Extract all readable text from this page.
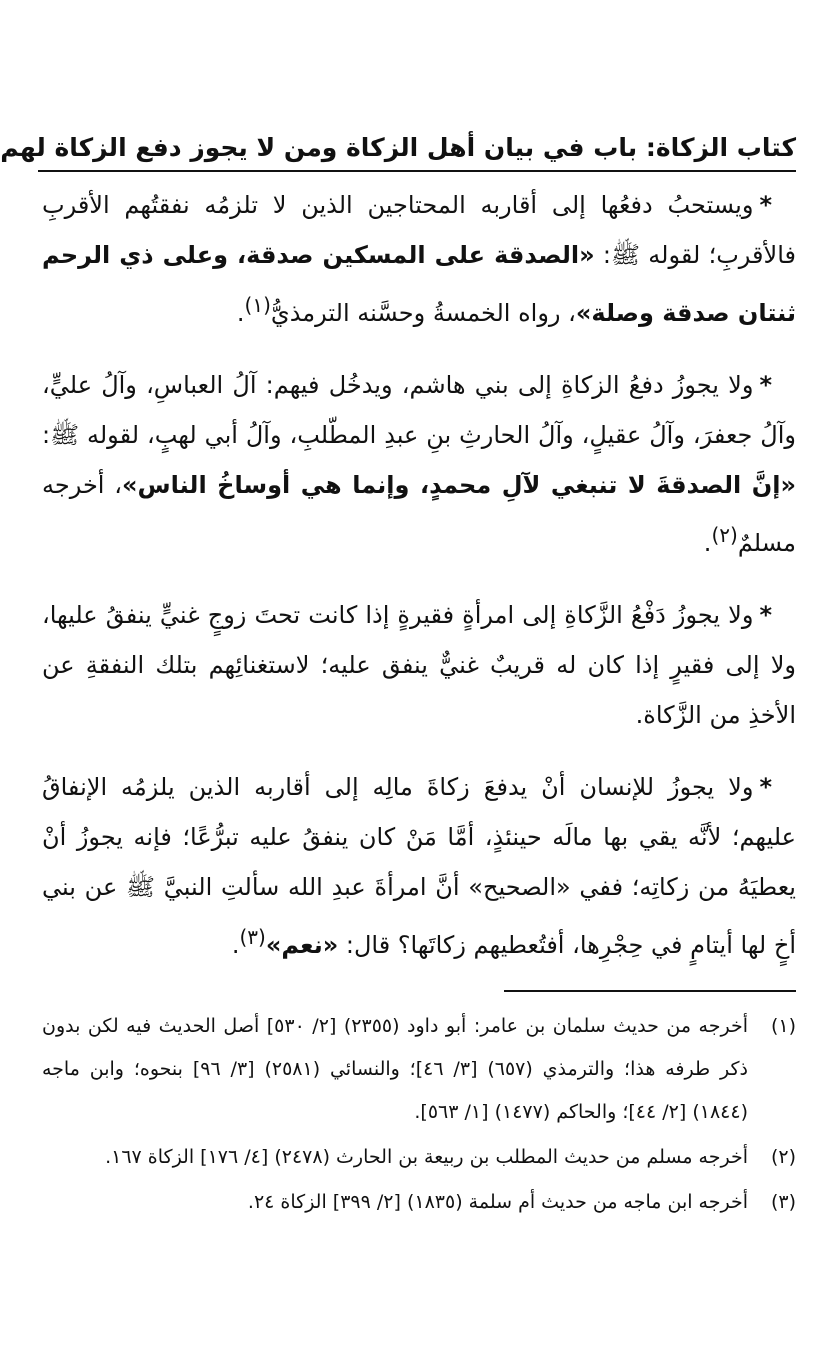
كتاب الزكاة: باب في بيان أهل الزكاة ومن لا يجوز دفع الزكاة لهم

*ويستحبُ دفعُها إلى أقاربه المحتاجين الذين لا تلزمُه نفقتُهم الأقربِ فالأقربِ؛ لقوله ﷺ: «الصدقة على المسكين صدقة، وعلى ذي الرحم ثنتان صدقة وصلة»، رواه الخمسةُ وحسَّنه الترمذيُّ$^{(١)}$.

*ولا يجوزُ دفعُ الزكاةِ إلى بني هاشم، ويدخُل فيهم: آلُ العباسِ، وآلُ عليٍّ، وآلُ جعفرَ، وآلُ عقيلٍ، وآلُ الحارثِ بنِ عبدِ المطّلبِ، وآلُ أبي لهبٍ، لقوله ﷺ: «إنَّ الصدقةَ لا تنبغي لآلِ محمدٍ، وإنما هي أوساخُ الناس»، أخرجه مسلمٌ$^{(٢)}$.

*ولا يجوزُ دَفْعُ الزَّكاةِ إلى امرأةٍ فقيرةٍ إذا كانت تحتَ زوجٍ غنيٍّ ينفقُ عليها، ولا إلى فقيرٍ إذا كان له قريبٌ غنيٌّ ينفق عليه؛ لاستغنائِهم بتلك النفقةِ عن الأخذِ من الزَّكاة.

*ولا يجوزُ للإنسان أنْ يدفعَ زكاةَ مالِه إلى أقاربه الذين يلزمُه الإنفاقُ عليهم؛ لأنَّه يقي بها مالَه حينئذٍ، أمَّا مَنْ كان ينفقُ عليه تبرُّعًا؛ فإنه يجوزُ أنْ يعطيَهُ من زكاتِه؛ ففي «الصحيح» أنَّ امرأةَ عبدِ الله سألتِ النبيَّ ﷺ عن بني أخٍ لها أيتامٍ في حِجْرِها، أفتُعطيهم زكاتَها؟ قال: «نعم»$^{(٣)}$.

(١)
أخرجه من حديث سلمان بن عامر: أبو داود (٢٣٥٥) [٢/ ٥٣٠] أصل الحديث فيه لكن بدون ذكر طرفه هذا؛ والترمذي (٦٥٧) [٣/ ٤٦]؛ والنسائي (٢٥٨١) [٣/ ٩٦] بنحوه؛ وابن ماجه (١٨٤٤) [٢/ ٤٤]؛ والحاكم (١٤٧٧) [١/ ٥٦٣].
(٢)
أخرجه مسلم من حديث المطلب بن ربيعة بن الحارث (٢٤٧٨) [٤/ ١٧٦] الزكاة ١٦٧.
(٣)
أخرجه ابن ماجه من حديث أم سلمة (١٨٣٥) [٢/ ٣٩٩] الزكاة ٢٤.
